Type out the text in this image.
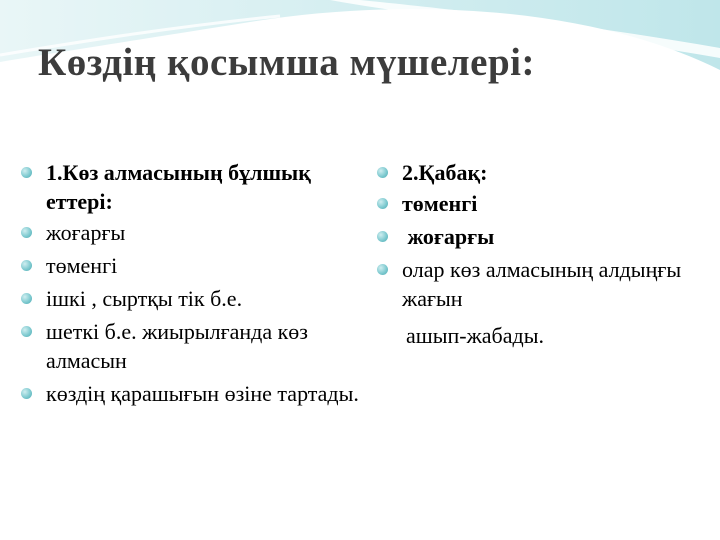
Көздің қосымша мүшелері:
1.Көз алмасының бұлшық еттері:
жоғарғы
төменгі
ішкі , сыртқы тік б.е.
шеткі б.е. жиырылғанда көз алмасын
көздің қарашығын өзіне тартады.
2.Қабақ:
төменгі
жоғарғы
олар көз алмасының алдыңғы жағын
ашып-жабады.
